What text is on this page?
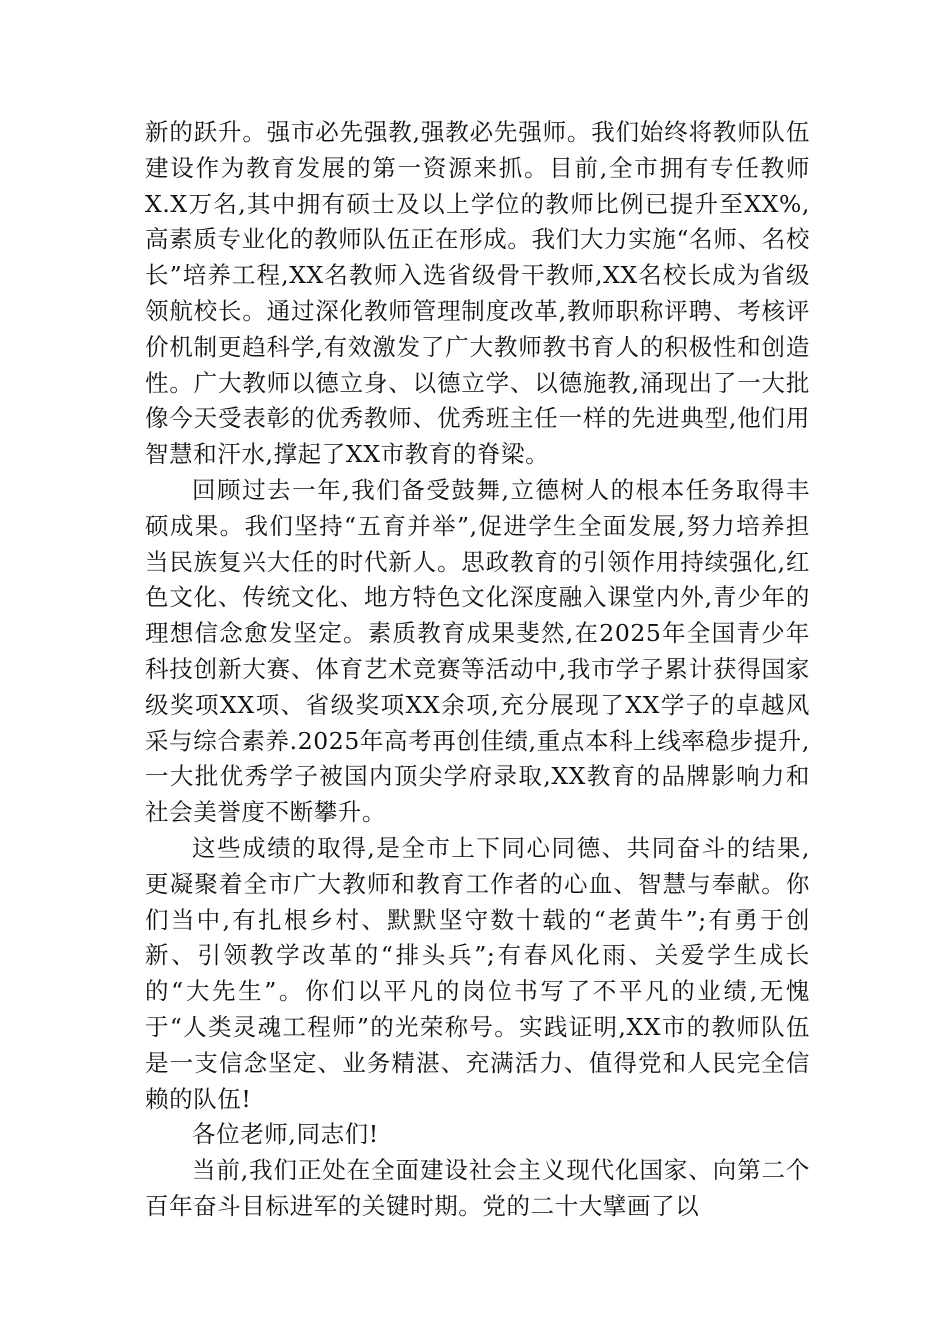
新的跃升。强市必先强教,强教必先强师。我们始终将教师队伍建设作为教育发展的第一资源来抓。目前,全市拥有专任教师X.X万名,其中拥有硕士及以上学位的教师比例已提升至XX%,高素质专业化的教师队伍正在形成。我们大力实施“名师、名校长”培养工程,XX名教师入选省级骨干教师,XX名校长成为省级领航校长。通过深化教师管理制度改革,教师职称评聘、考核评价机制更趋科学,有效激发了广大教师教书育人的积极性和创造性。广大教师以德立身、以德立学、以德施教,涌现出了一大批像今天受表彰的优秀教师、优秀班主任一样的先进典型,他们用智慧和汗水,撑起了XX市教育的脊梁。

回顾过去一年,我们备受鼓舞,立德树人的根本任务取得丰硕成果。我们坚持“五育并举”,促进学生全面发展,努力培养担当民族复兴大任的时代新人。思政教育的引领作用持续强化,红色文化、传统文化、地方特色文化深度融入课堂内外,青少年的理想信念愈发坚定。素质教育成果斐然,在2025年全国青少年科技创新大赛、体育艺术竞赛等活动中,我市学子累计获得国家级奖项XX项、省级奖项XX余项,充分展现了XX学子的卓越风采与综合素养.2025年高考再创佳绩,重点本科上线率稳步提升,一大批优秀学子被国内顶尖学府录取,XX教育的品牌影响力和社会美誉度不断攀升。

这些成绩的取得,是全市上下同心同德、共同奋斗的结果,更凝聚着全市广大教师和教育工作者的心血、智慧与奉献。你们当中,有扎根乡村、默默坚守数十载的“老黄牛”;有勇于创新、引领教学改革的“排头兵”;有春风化雨、关爱学生成长的“大先生”。你们以平凡的岗位书写了不平凡的业绩,无愧于“人类灵魂工程师”的光荣称号。实践证明,XX市的教师队伍是一支信念坚定、业务精湛、充满活力、值得党和人民完全信赖的队伍!

各位老师,同志们!

当前,我们正处在全面建设社会主义现代化国家、向第二个百年奋斗目标进军的关键时期。党的二十大擘画了以
